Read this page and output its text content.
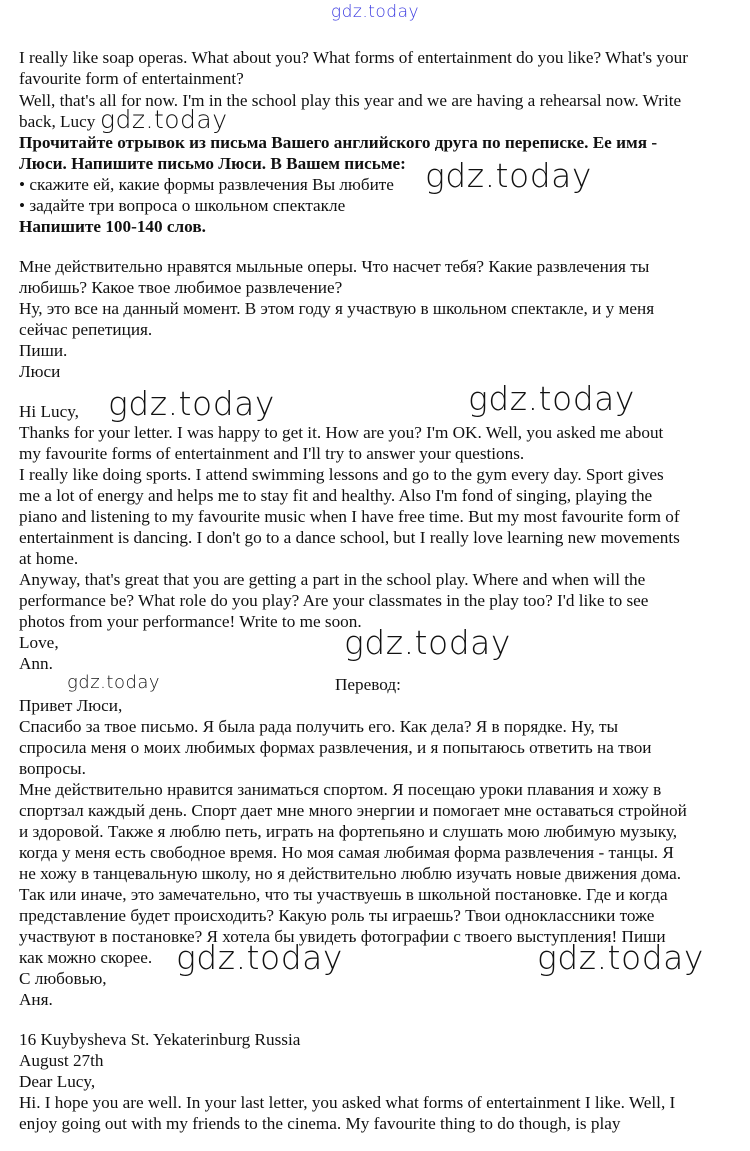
gdz.today
I really like soap operas. What about you? What forms of entertainment do you like? What's your
favourite form of entertainment?
Well, that's all for now. I'm in the school play this year and we are having a rehearsal now. Write
back, Lucy
Прочитайте отрывок из письма Вашего английского друга по переписке. Ее имя -
Люси. Напишите письмо Люси. В Вашем письме:
• скажите ей, какие формы развлечения Вы любите
• задайте три вопроса о школьном спектакле
Напишите 100-140 слов.
Мне действительно нравятся мыльные оперы. Что насчет тебя? Какие развлечения ты
любишь? Какое твое любимое развлечение?
Ну, это все на данный момент. В этом году я участвую в школьном спектакле, и у меня
сейчас репетиция.
Пиши.
Люси
Hi Lucy,
Thanks for your letter. I was happy to get it. How are you? I'm OK. Well, you asked me about
my favourite forms of entertainment and I'll try to answer your questions.
I really like doing sports. I attend swimming lessons and go to the gym every day. Sport gives
me a lot of energy and helps me to stay fit and healthy. Also I'm fond of singing, playing the
piano and listening to my favourite music when I have free time. But my most favourite form of
entertainment is dancing. I don't go to a dance school, but I really love learning new movements
at home.
Anyway, that's great that you are getting a part in the school play. Where and when will the
performance be? What role do you play? Are your classmates in the play too? I'd like to see
photos from your performance! Write to me soon.
Love,
Ann.
Перевод:
Привет Люси,
Спасибо за твое письмо. Я была рада получить его. Как дела? Я в порядке. Ну, ты
спросила меня о моих любимых формах развлечения, и я попытаюсь ответить на твои
вопросы.
Мне действительно нравится заниматься спортом. Я посещаю уроки плавания и хожу в
спортзал каждый день. Спорт дает мне много энергии и помогает мне оставаться стройной
и здоровой. Также я люблю петь, играть на фортепьяно и слушать мою любимую музыку,
когда у меня есть свободное время. Но моя самая любимая форма развлечения - танцы. Я
не хожу в танцевальную школу, но я действительно люблю изучать новые движения дома.
Так или иначе, это замечательно, что ты участвуешь в школьной постановке. Где и когда
представление будет происходить? Какую роль ты играешь? Твои одноклассники тоже
участвуют в постановке? Я хотела бы увидеть фотографии с твоего выступления! Пиши
как можно скорее.
С любовью,
Аня.
16 Kuybysheva St. Yekaterinburg Russia
August 27th
Dear Lucy,
Hi. I hope you are well. In your last letter, you asked what forms of entertainment I like. Well, I
enjoy going out with my friends to the cinema. My favourite thing to do though, is play
gdz.today
gdz.today
gdz.today	gdz.today
gdz.today
gdz.today
gdz.today	gdz.today
